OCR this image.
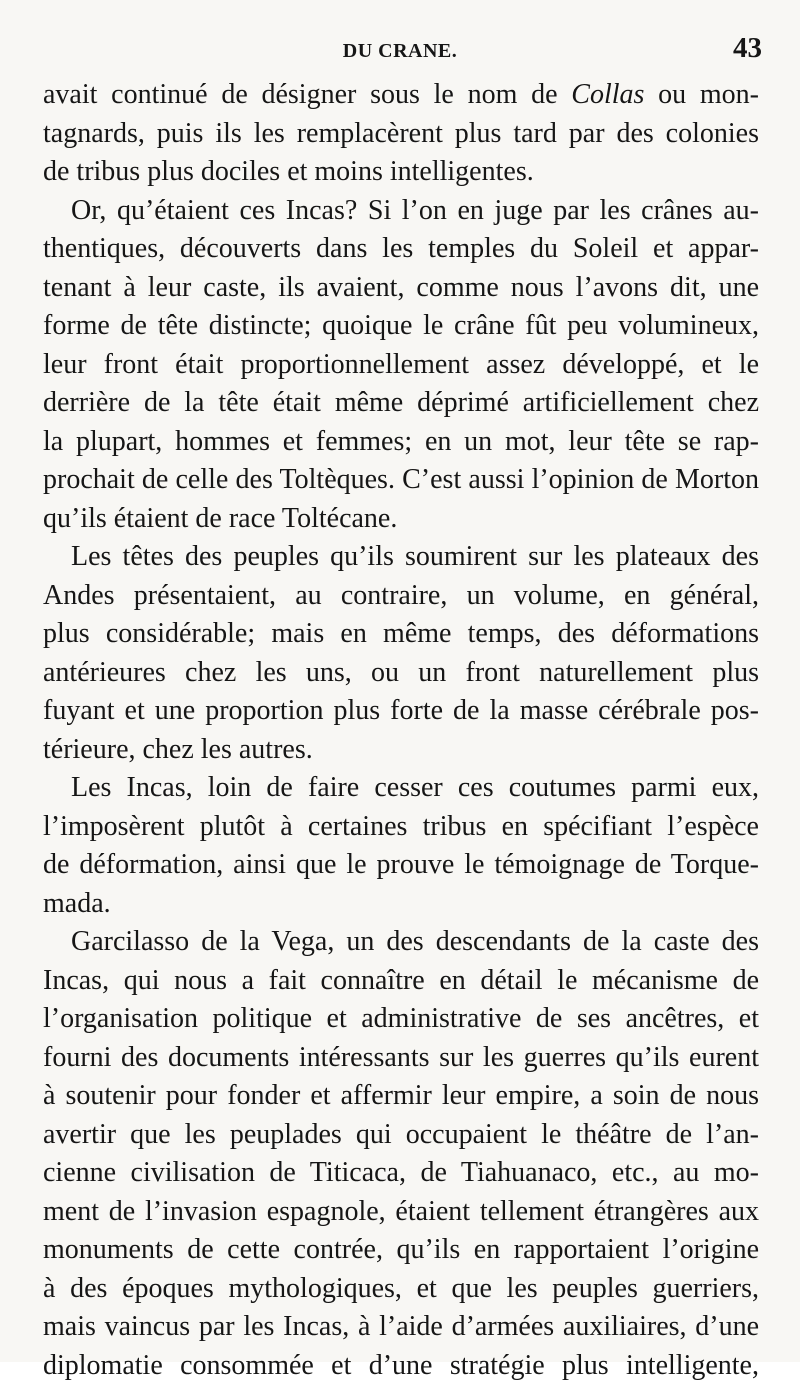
DU CRANE.	43
avait continué de désigner sous le nom de Collas ou mon-
tagnards, puis ils les remplacèrent plus tard par des colonies
de tribus plus dociles et moins intelligentes.
Or, qu’étaient ces Incas? Si l’on en juge par les crânes au-
thentiques, découverts dans les temples du Soleil et appar-
tenant à leur caste, ils avaient, comme nous l’avons dit, une
forme de tête distincte; quoique le crâne fût peu volumineux,
leur front était proportionnellement assez développé, et le
derrière de la tête était même déprimé artificiellement chez
la plupart, hommes et femmes; en un mot, leur tête se rap-
prochait de celle des Toltèques. C’est aussi l’opinion de Morton
qu’ils étaient de race Toltécane.
Les têtes des peuples qu’ils soumirent sur les plateaux des
Andes présentaient, au contraire, un volume, en général,
plus considérable; mais en même temps, des déformations
antérieures chez les uns, ou un front naturellement plus
fuyant et une proportion plus forte de la masse cérébrale pos-
térieure, chez les autres.
Les Incas, loin de faire cesser ces coutumes parmi eux,
l’imposèrent plutôt à certaines tribus en spécifiant l’espèce
de déformation, ainsi que le prouve le témoignage de Torque-
mada.
Garcilasso de la Vega, un des descendants de la caste des
Incas, qui nous a fait connaître en détail le mécanisme de
l’organisation politique et administrative de ses ancêtres, et
fourni des documents intéressants sur les guerres qu’ils eurent
à soutenir pour fonder et affermir leur empire, a soin de nous
avertir que les peuplades qui occupaient le théâtre de l’an-
cienne civilisation de Titicaca, de Tiahuanaco, etc., au mo-
ment de l’invasion espagnole, étaient tellement étrangères aux
monuments de cette contrée, qu’ils en rapportaient l’origine
à des époques mythologiques, et que les peuples guerriers,
mais vaincus par les Incas, à l’aide d’armées auxiliaires, d’une
diplomatie consommée et d’une stratégie plus intelligente,
